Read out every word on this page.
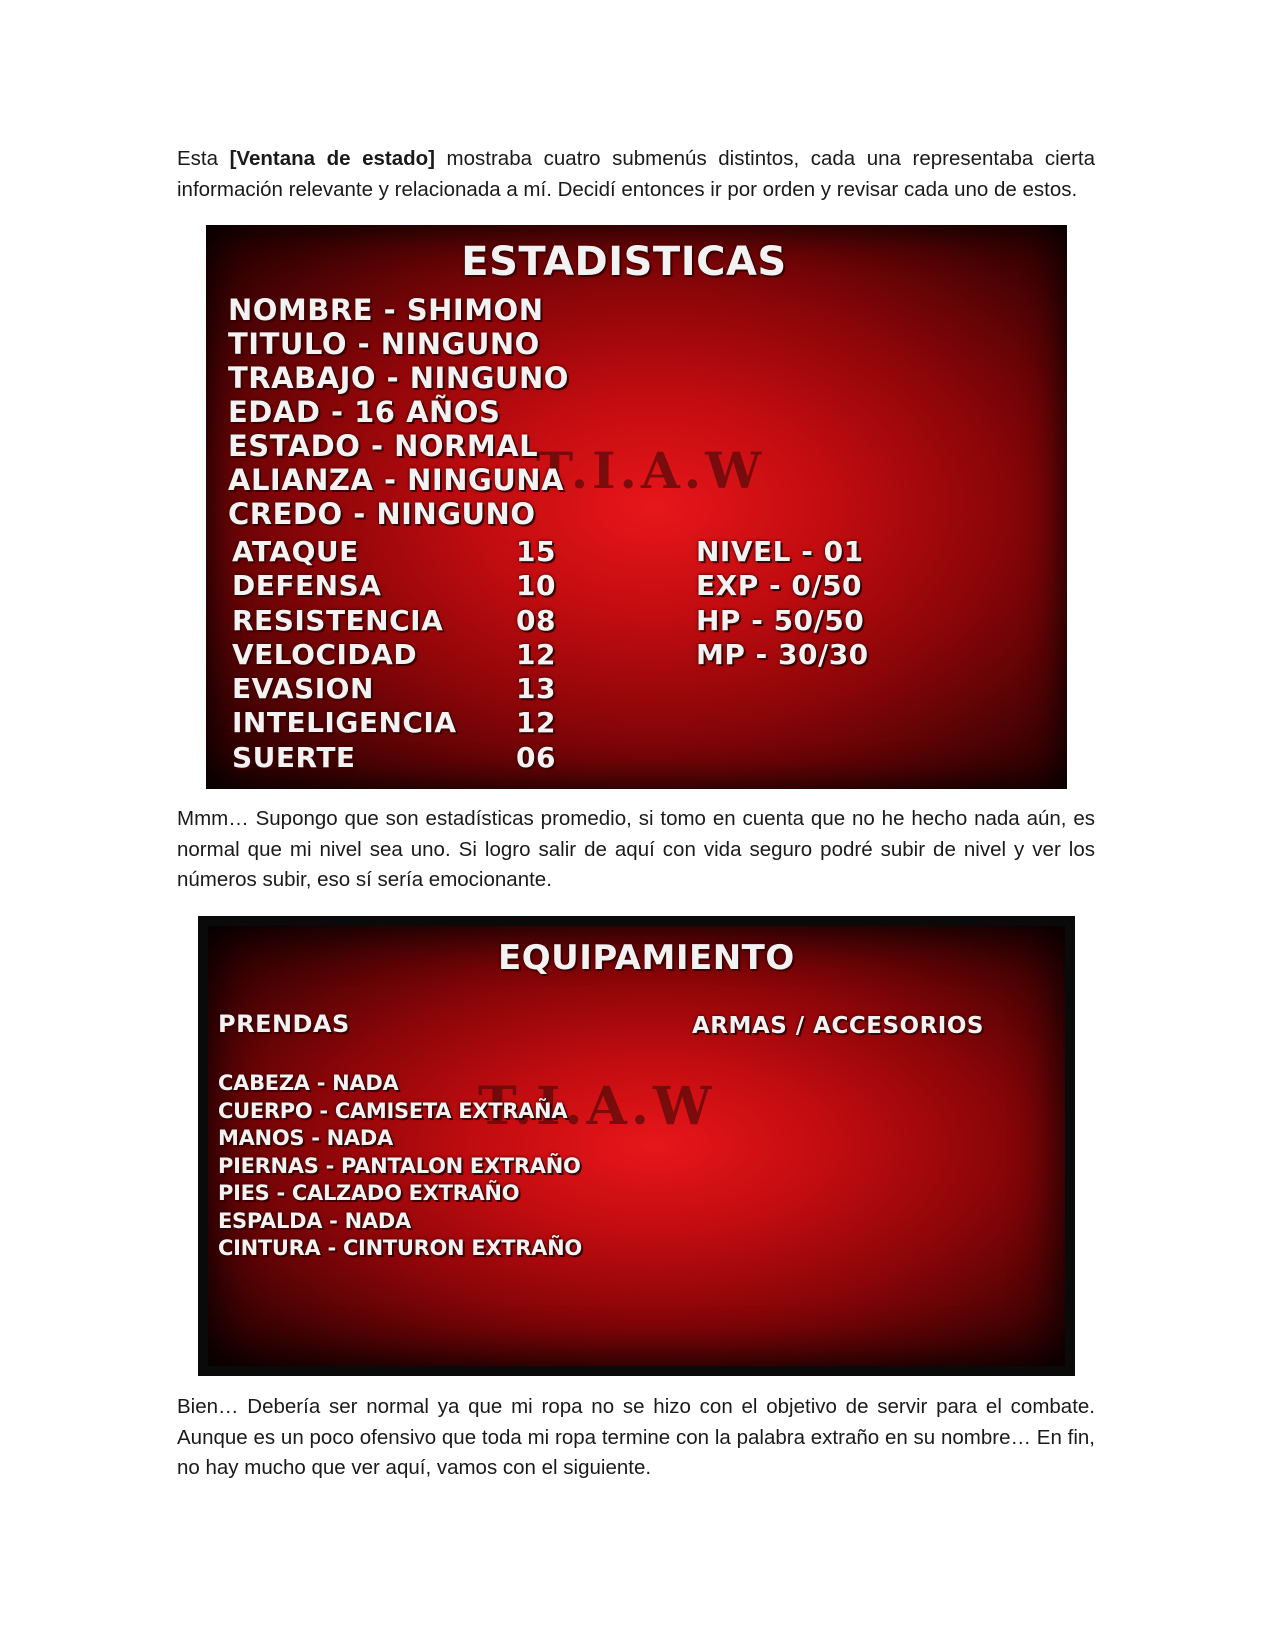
Esta [Ventana de estado] mostraba cuatro submenús distintos, cada una representaba cierta información relevante y relacionada a mí. Decidí entonces ir por orden y revisar cada uno de estos.

T.I.A.W
ESTADISTICAS
NOMBRE - SHIMON
TITULO - NINGUNO
TRABAJO - NINGUNO
EDAD - 16 AÑOS
ESTADO - NORMAL
ALIANZA - NINGUNA
CREDO - NINGUNO
ATAQUE	15
DEFENSA	10
RESISTENCIA	08
VELOCIDAD	12
EVASION	13
INTELIGENCIA 12
SUERTE	06
NIVEL - 01
EXP - 0/50
HP - 50/50
MP - 30/30

Mmm… Supongo que son estadísticas promedio, si tomo en cuenta que no he hecho nada aún, es normal que mi nivel sea uno. Si logro salir de aquí con vida seguro podré subir de nivel y ver los números subir, eso sí sería emocionante.

T.I.A.W
EQUIPAMIENTO
PRENDAS	ARMAS / ACCESORIOS
CABEZA - NADA
CUERPO - CAMISETA EXTRAÑA
MANOS - NADA
PIERNAS - PANTALON EXTRAÑO
PIES - CALZADO EXTRAÑO
ESPALDA - NADA
CINTURA - CINTURON EXTRAÑO

Bien… Debería ser normal ya que mi ropa no se hizo con el objetivo de servir para el combate. Aunque es un poco ofensivo que toda mi ropa termine con la palabra extraño en su nombre… En fin, no hay mucho que ver aquí, vamos con el siguiente.
